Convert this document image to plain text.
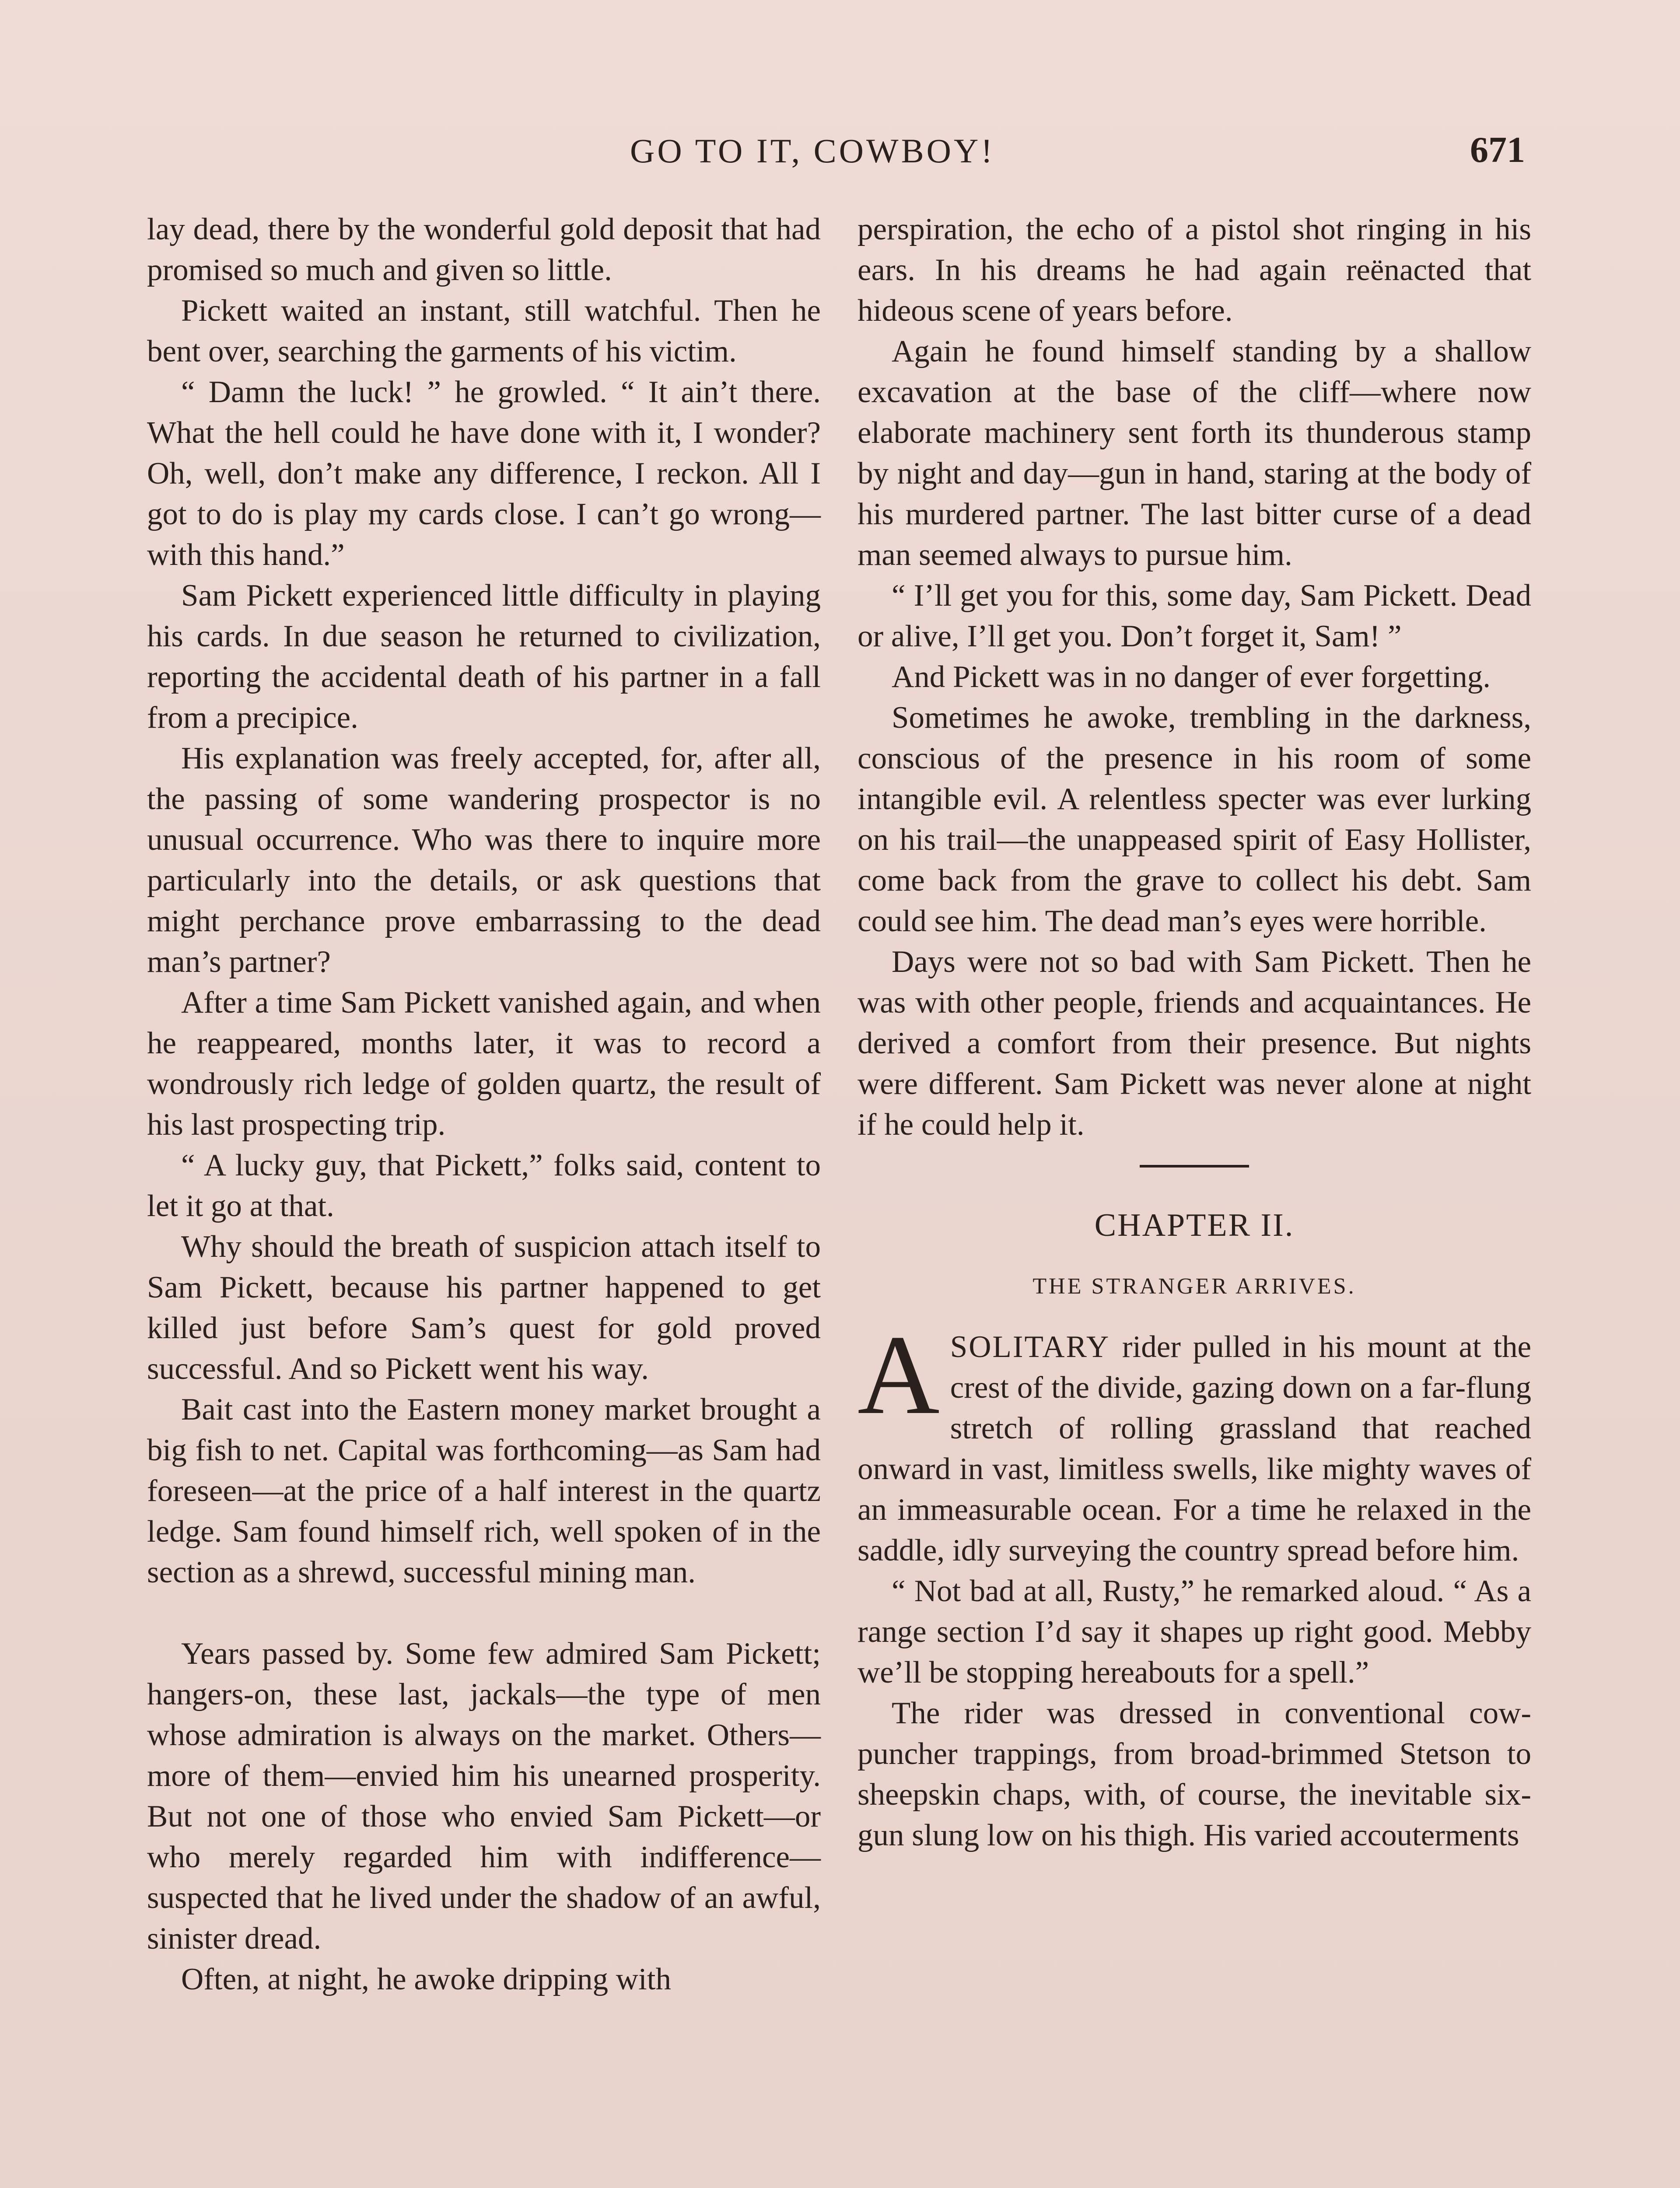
GO TO IT, COWBOY!	671

lay dead, there by the wonderful gold deposit that had promised so much and given so little.

Pickett waited an instant, still watchful. Then he bent over, searching the garments of his victim.

“ Damn the luck! ” he growled. “ It ain’t there. What the hell could he have done with it, I wonder? Oh, well, don’t make any difference, I reckon. All I got to do is play my cards close. I can’t go wrong—with this hand.”

Sam Pickett experienced little difficulty in playing his cards. In due season he returned to civilization, reporting the accidental death of his partner in a fall from a precipice.

His explanation was freely accepted, for, after all, the passing of some wandering prospector is no unusual occurrence. Who was there to inquire more particularly into the details, or ask questions that might perchance prove embarrassing to the dead man’s partner?

After a time Sam Pickett vanished again, and when he reappeared, months later, it was to record a wondrously rich ledge of golden quartz, the result of his last prospecting trip.

“ A lucky guy, that Pickett,” folks said, content to let it go at that.

Why should the breath of suspicion attach itself to Sam Pickett, because his partner happened to get killed just before Sam’s quest for gold proved successful. And so Pickett went his way.

Bait cast into the Eastern money market brought a big fish to net. Capital was forthcoming—as Sam had foreseen—at the price of a half interest in the quartz ledge. Sam found himself rich, well spoken of in the section as a shrewd, successful mining man.

Years passed by. Some few admired Sam Pickett; hangers-on, these last, jackals—the type of men whose admiration is always on the market. Others—more of them—envied him his unearned prosperity. But not one of those who envied Sam Pickett—or who merely regarded him with indifference—suspected that he lived under the shadow of an awful, sinister dread.

Often, at night, he awoke dripping with

perspiration, the echo of a pistol shot ringing in his ears. In his dreams he had again reënacted that hideous scene of years before.

Again he found himself standing by a shallow excavation at the base of the cliff—where now elaborate machinery sent forth its thunderous stamp by night and day—gun in hand, staring at the body of his murdered partner. The last bitter curse of a dead man seemed always to pursue him.

“ I’ll get you for this, some day, Sam Pickett. Dead or alive, I’ll get you. Don’t forget it, Sam! ”

And Pickett was in no danger of ever forgetting.

Sometimes he awoke, trembling in the darkness, conscious of the presence in his room of some intangible evil. A relentless specter was ever lurking on his trail—the unappeased spirit of Easy Hollister, come back from the grave to collect his debt. Sam could see him. The dead man’s eyes were horrible.

Days were not so bad with Sam Pickett. Then he was with other people, friends and acquaintances. He derived a comfort from their presence. But nights were different. Sam Pickett was never alone at night if he could help it.

CHAPTER II.
THE STRANGER ARRIVES.

ASOLITARY rider pulled in his mount at the crest of the divide, gazing down on a far-flung stretch of rolling grassland that reached onward in vast, limitless swells, like mighty waves of an immeasurable ocean. For a time he relaxed in the saddle, idly surveying the country spread before him.

“ Not bad at all, Rusty,” he remarked aloud. “ As a range section I’d say it shapes up right good. Mebby we’ll be stopping hereabouts for a spell.”

The rider was dressed in conventional cow-puncher trappings, from broad-brimmed Stetson to sheepskin chaps, with, of course, the inevitable six-gun slung low on his thigh. His varied accouterments
